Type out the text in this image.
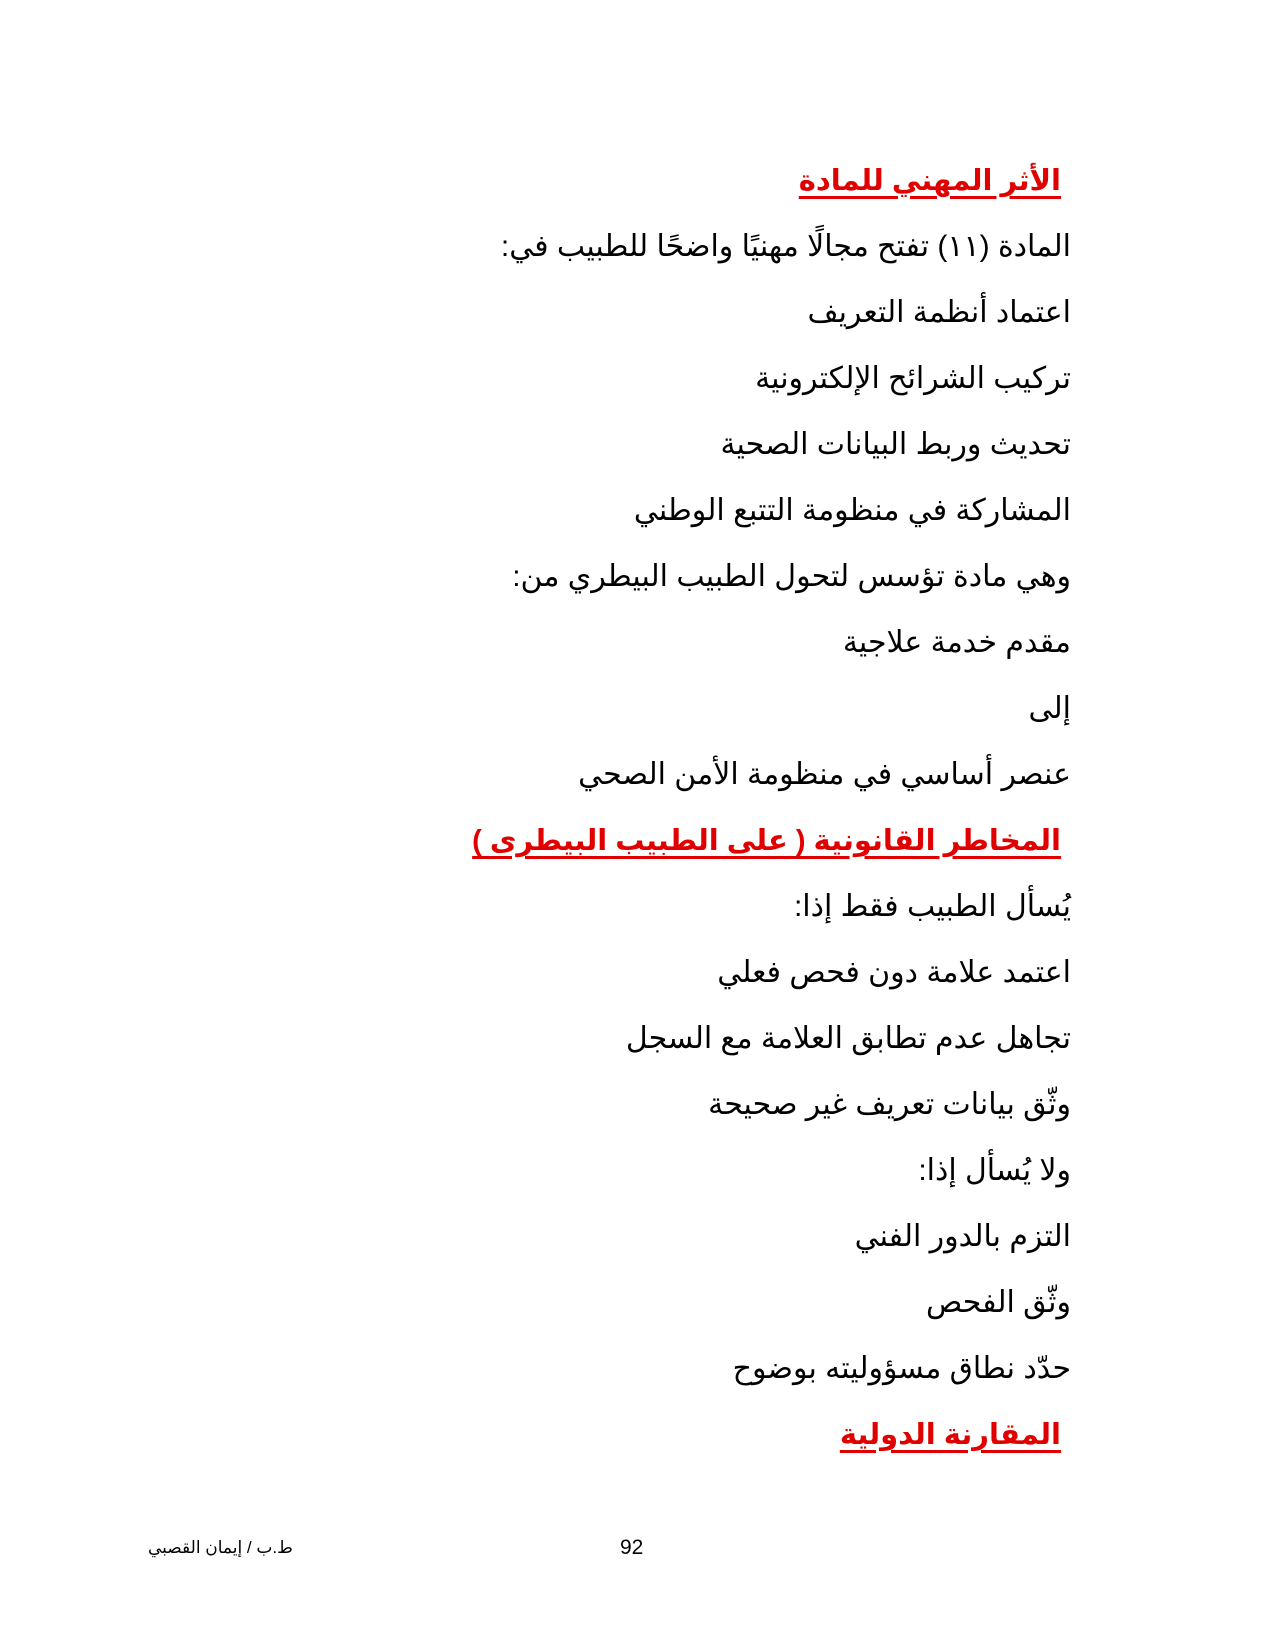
الأثر المهني للمادة
المادة (١١) تفتح مجالًا مهنيًا واضحًا للطبيب في:
اعتماد أنظمة التعريف
تركيب الشرائح الإلكترونية
تحديث وربط البيانات الصحية
المشاركة في منظومة التتبع الوطني
وهي مادة تؤسس لتحول الطبيب البيطري من:
مقدم خدمة علاجية
إلى
عنصر أساسي في منظومة الأمن الصحي
المخاطر القانونية ( على الطبيب البيطرى )
يُسأل الطبيب فقط إذا:
اعتمد علامة دون فحص فعلي
تجاهل عدم تطابق العلامة مع السجل
وثّق بيانات تعريف غير صحيحة
ولا يُسأل إذا:
التزم بالدور الفني
وثّق الفحص
حدّد نطاق مسؤوليته بوضوح
المقارنة الدولية
ط.ب / إيمان القصبي	92
